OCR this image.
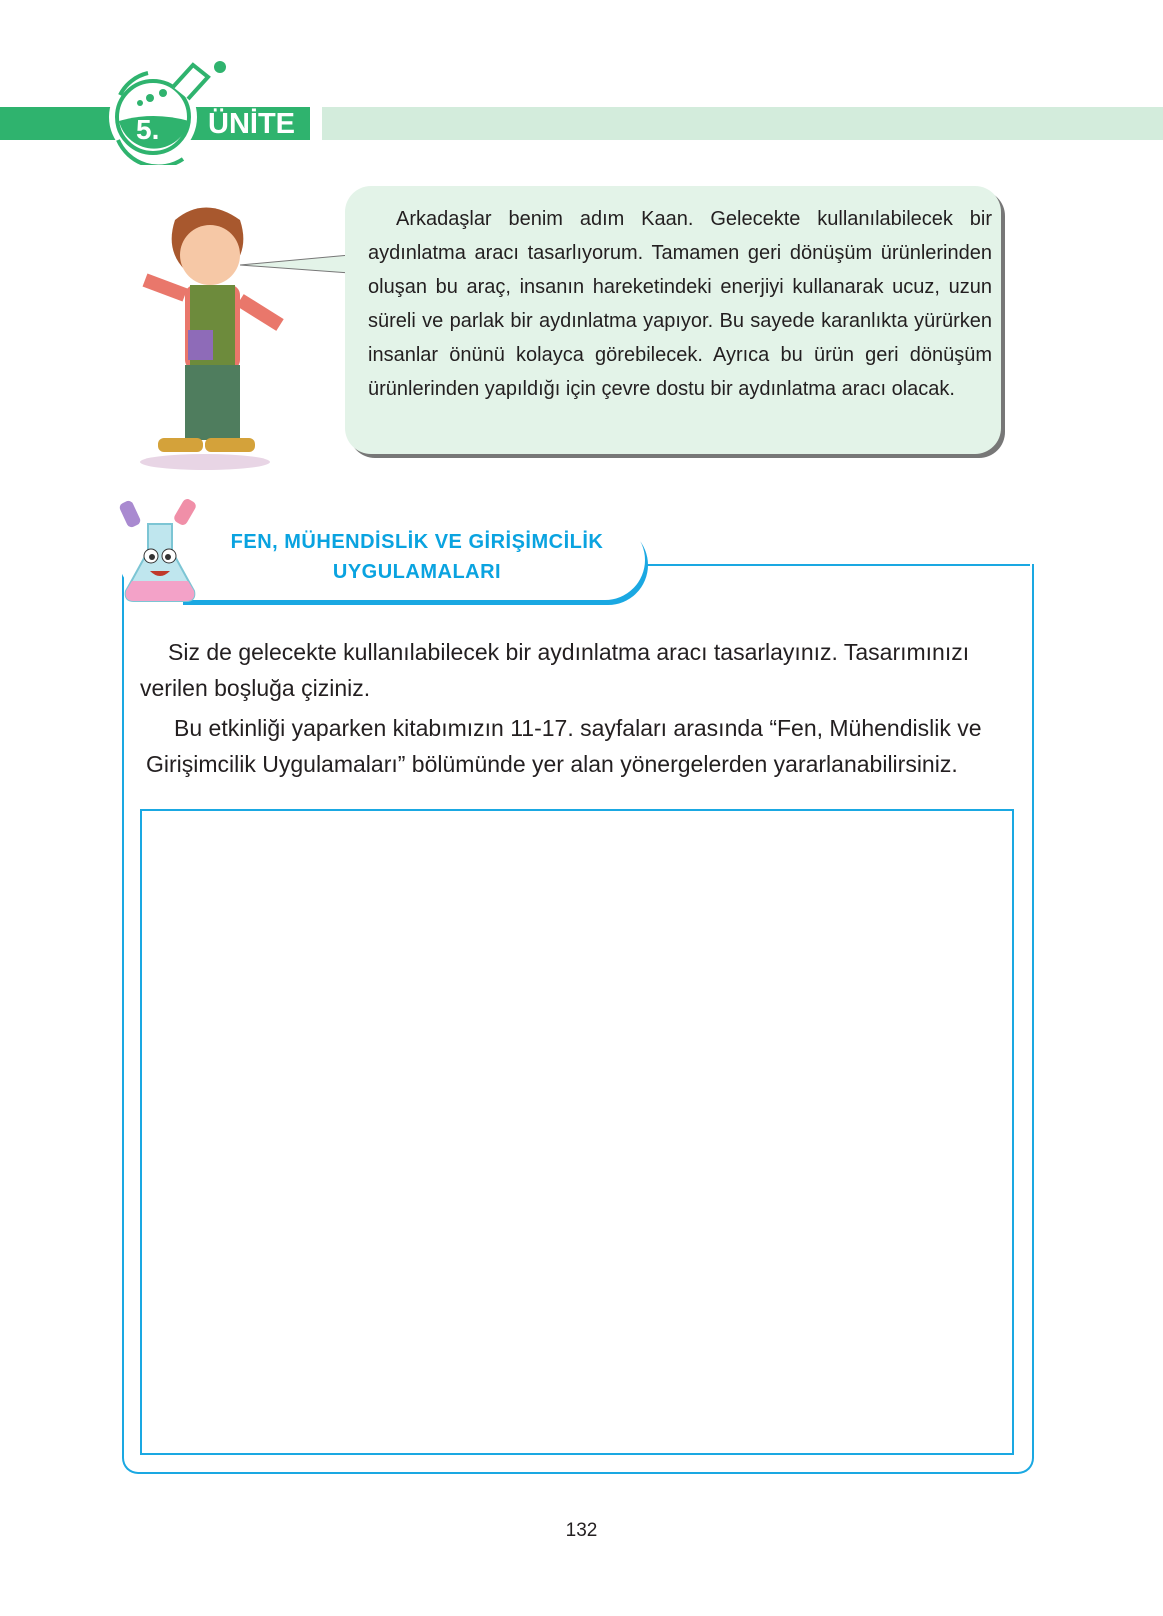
5. ÜNİTE
Arkadaşlar benim adım Kaan. Gelecekte kullanılabilecek bir aydınlatma aracı tasarlıyorum. Tamamen geri dönüşüm ürünlerinden oluşan bu araç, insanın hareketindeki enerjiyi kullanarak ucuz, uzun süreli ve parlak bir aydınlatma yapıyor. Bu sayede karanlıkta yürürken insanlar önünü kolayca görebilecek. Ayrıca bu ürün geri dönüşüm ürünlerinden yapıldığı için çevre dostu bir aydınlatma aracı olacak.
FEN, MÜHENDİSLİK VE GİRİŞİMCİLİK
UYGULAMALARI
Siz de gelecekte kullanılabilecek bir aydınlatma aracı tasarlayınız. Tasarımınızı verilen boşluğa çiziniz.
Bu etkinliği yaparken kitabımızın 11-17. sayfaları arasında “Fen, Mühendislik ve Girişimcilik Uygulamaları” bölümünde yer alan yönergelerden yararlanabilirsiniz.
132
